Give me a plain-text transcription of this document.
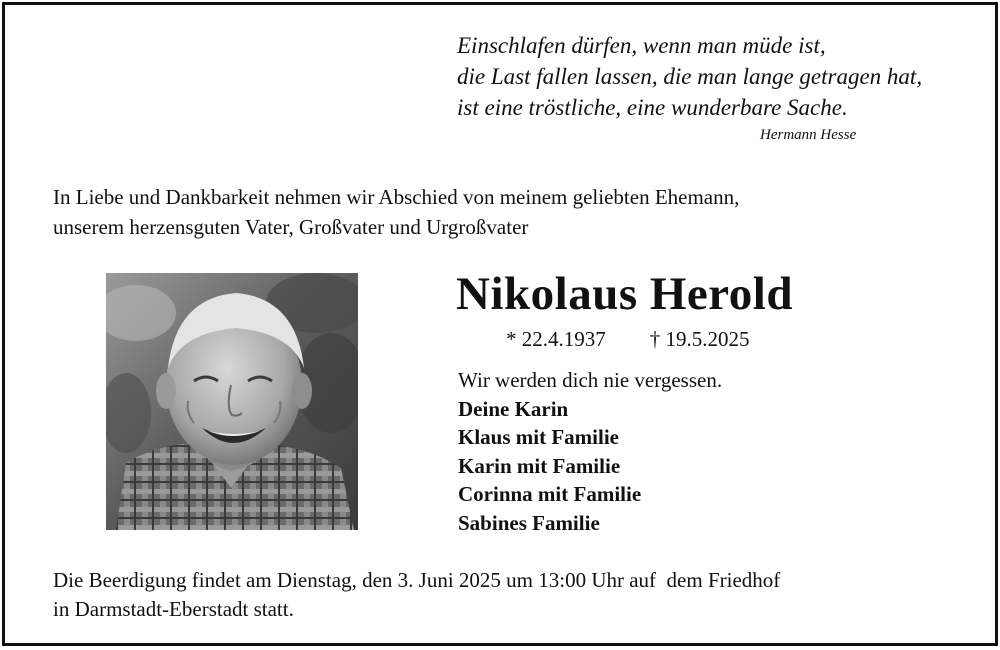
Einschlafen dürfen, wenn man müde ist,
die Last fallen lassen, die man lange getragen hat,
ist eine tröstliche, eine wunderbare Sache.
Hermann Hesse
In Liebe und Dankbarkeit nehmen wir Abschied von meinem geliebten Ehemann,
unserem herzensguten Vater, Großvater und Urgroßvater
Nikolaus Herold
* 22.4.1937 † 19.5.2025
Wir werden dich nie vergessen.
Deine Karin
Klaus mit Familie
Karin mit Familie
Corinna mit Familie
Sabines Familie
Die Beerdigung findet am Dienstag, den 3. Juni 2025 um 13:00 Uhr auf  dem Friedhof
in Darmstadt-Eberstadt statt.
